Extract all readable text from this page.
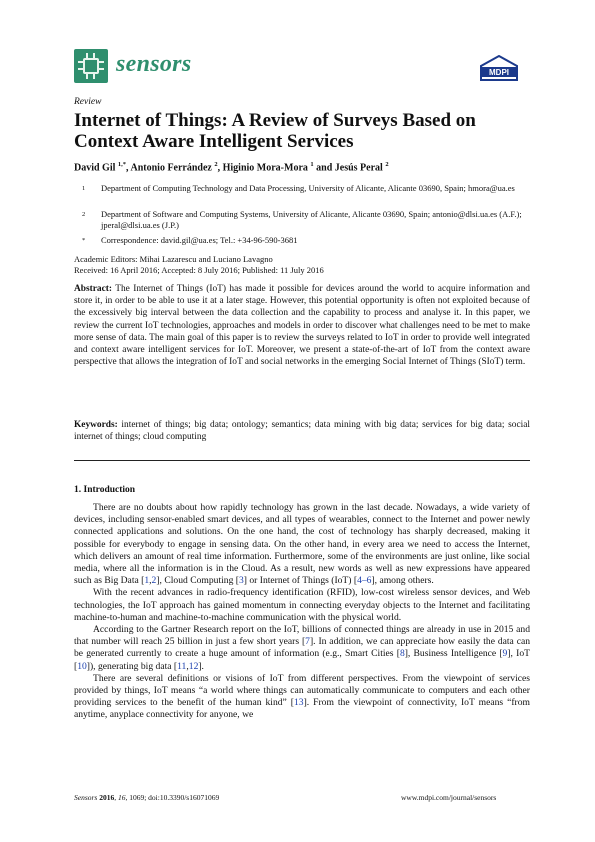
sensors	MDPI
Review
Internet of Things: A Review of Surveys Based on Context Aware Intelligent Services
David Gil $^{1,*}$, Antonio Ferrández $^2$, Higinio Mora-Mora $^1$ and Jesús Peral $^2$
1	Department of Computing Technology and Data Processing, University of Alicante, Alicante 03690, Spain; hmora@ua.es
2	Department of Software and Computing Systems, University of Alicante, Alicante 03690, Spain; antonio@dlsi.ua.es (A.F.); jperal@dlsi.ua.es (J.P.)
*	Correspondence: david.gil@ua.es; Tel.: +34-96-590-3681
Academic Editors: Mihai Lazarescu and Luciano Lavagno
Received: 16 April 2016; Accepted: 8 July 2016; Published: 11 July 2016
Abstract: The Internet of Things (IoT) has made it possible for devices around the world to acquire information and store it, in order to be able to use it at a later stage. However, this potential opportunity is often not exploited because of the excessively big interval between the data collection and the capability to process and analyse it. In this paper, we review the current IoT technologies, approaches and models in order to discover what challenges need to be met to make more sense of data. The main goal of this paper is to review the surveys related to IoT in order to provide well integrated and context aware intelligent services for IoT. Moreover, we present a state-of-the-art of IoT from the context aware perspective that allows the integration of IoT and social networks in the emerging Social Internet of Things (SIoT) term.
Keywords: internet of things; big data; ontology; semantics; data mining with big data; services for big data; social internet of things; cloud computing
1. Introduction

There are no doubts about how rapidly technology has grown in the last decade. Nowadays, a wide variety of devices, including sensor-enabled smart devices, and all types of wearables, connect to the Internet and power newly connected applications and solutions. On the one hand, the cost of technology has sharply decreased, making it possible for everybody to engage in sensing data. On the other hand, in every area we need to access the Internet, which delivers an amount of real time information. Furthermore, some of the environments are just online, like social media, where all the information is in the Cloud. As a result, new words as well as new expressions have appeared such as Big Data [1,2], Cloud Computing [3] or Internet of Things (IoT) [4–6], among others.

With the recent advances in radio-frequency identification (RFID), low-cost wireless sensor devices, and Web technologies, the IoT approach has gained momentum in connecting everyday objects to the Internet and facilitating machine-to-human and machine-to-machine communication with the physical world.

According to the Gartner Research report on the IoT, billions of connected things are already in use in 2015 and that number will reach 25 billion in just a few short years [7]. In addition, we can appreciate how easily the data can be generated currently to create a huge amount of information (e.g., Smart Cities [8], Business Intelligence [9], IoT [10]), generating big data [11,12].

There are several definitions or visions of IoT from different perspectives. From the viewpoint of services provided by things, IoT means “a world where things can automatically communicate to computers and each other providing services to the benefit of the human kind” [13]. From the viewpoint of connectivity, IoT means “from anytime, anyplace connectivity for anyone, we

Sensors 2016, 16, 1069; doi:10.3390/s16071069	www.mdpi.com/journal/sensors
